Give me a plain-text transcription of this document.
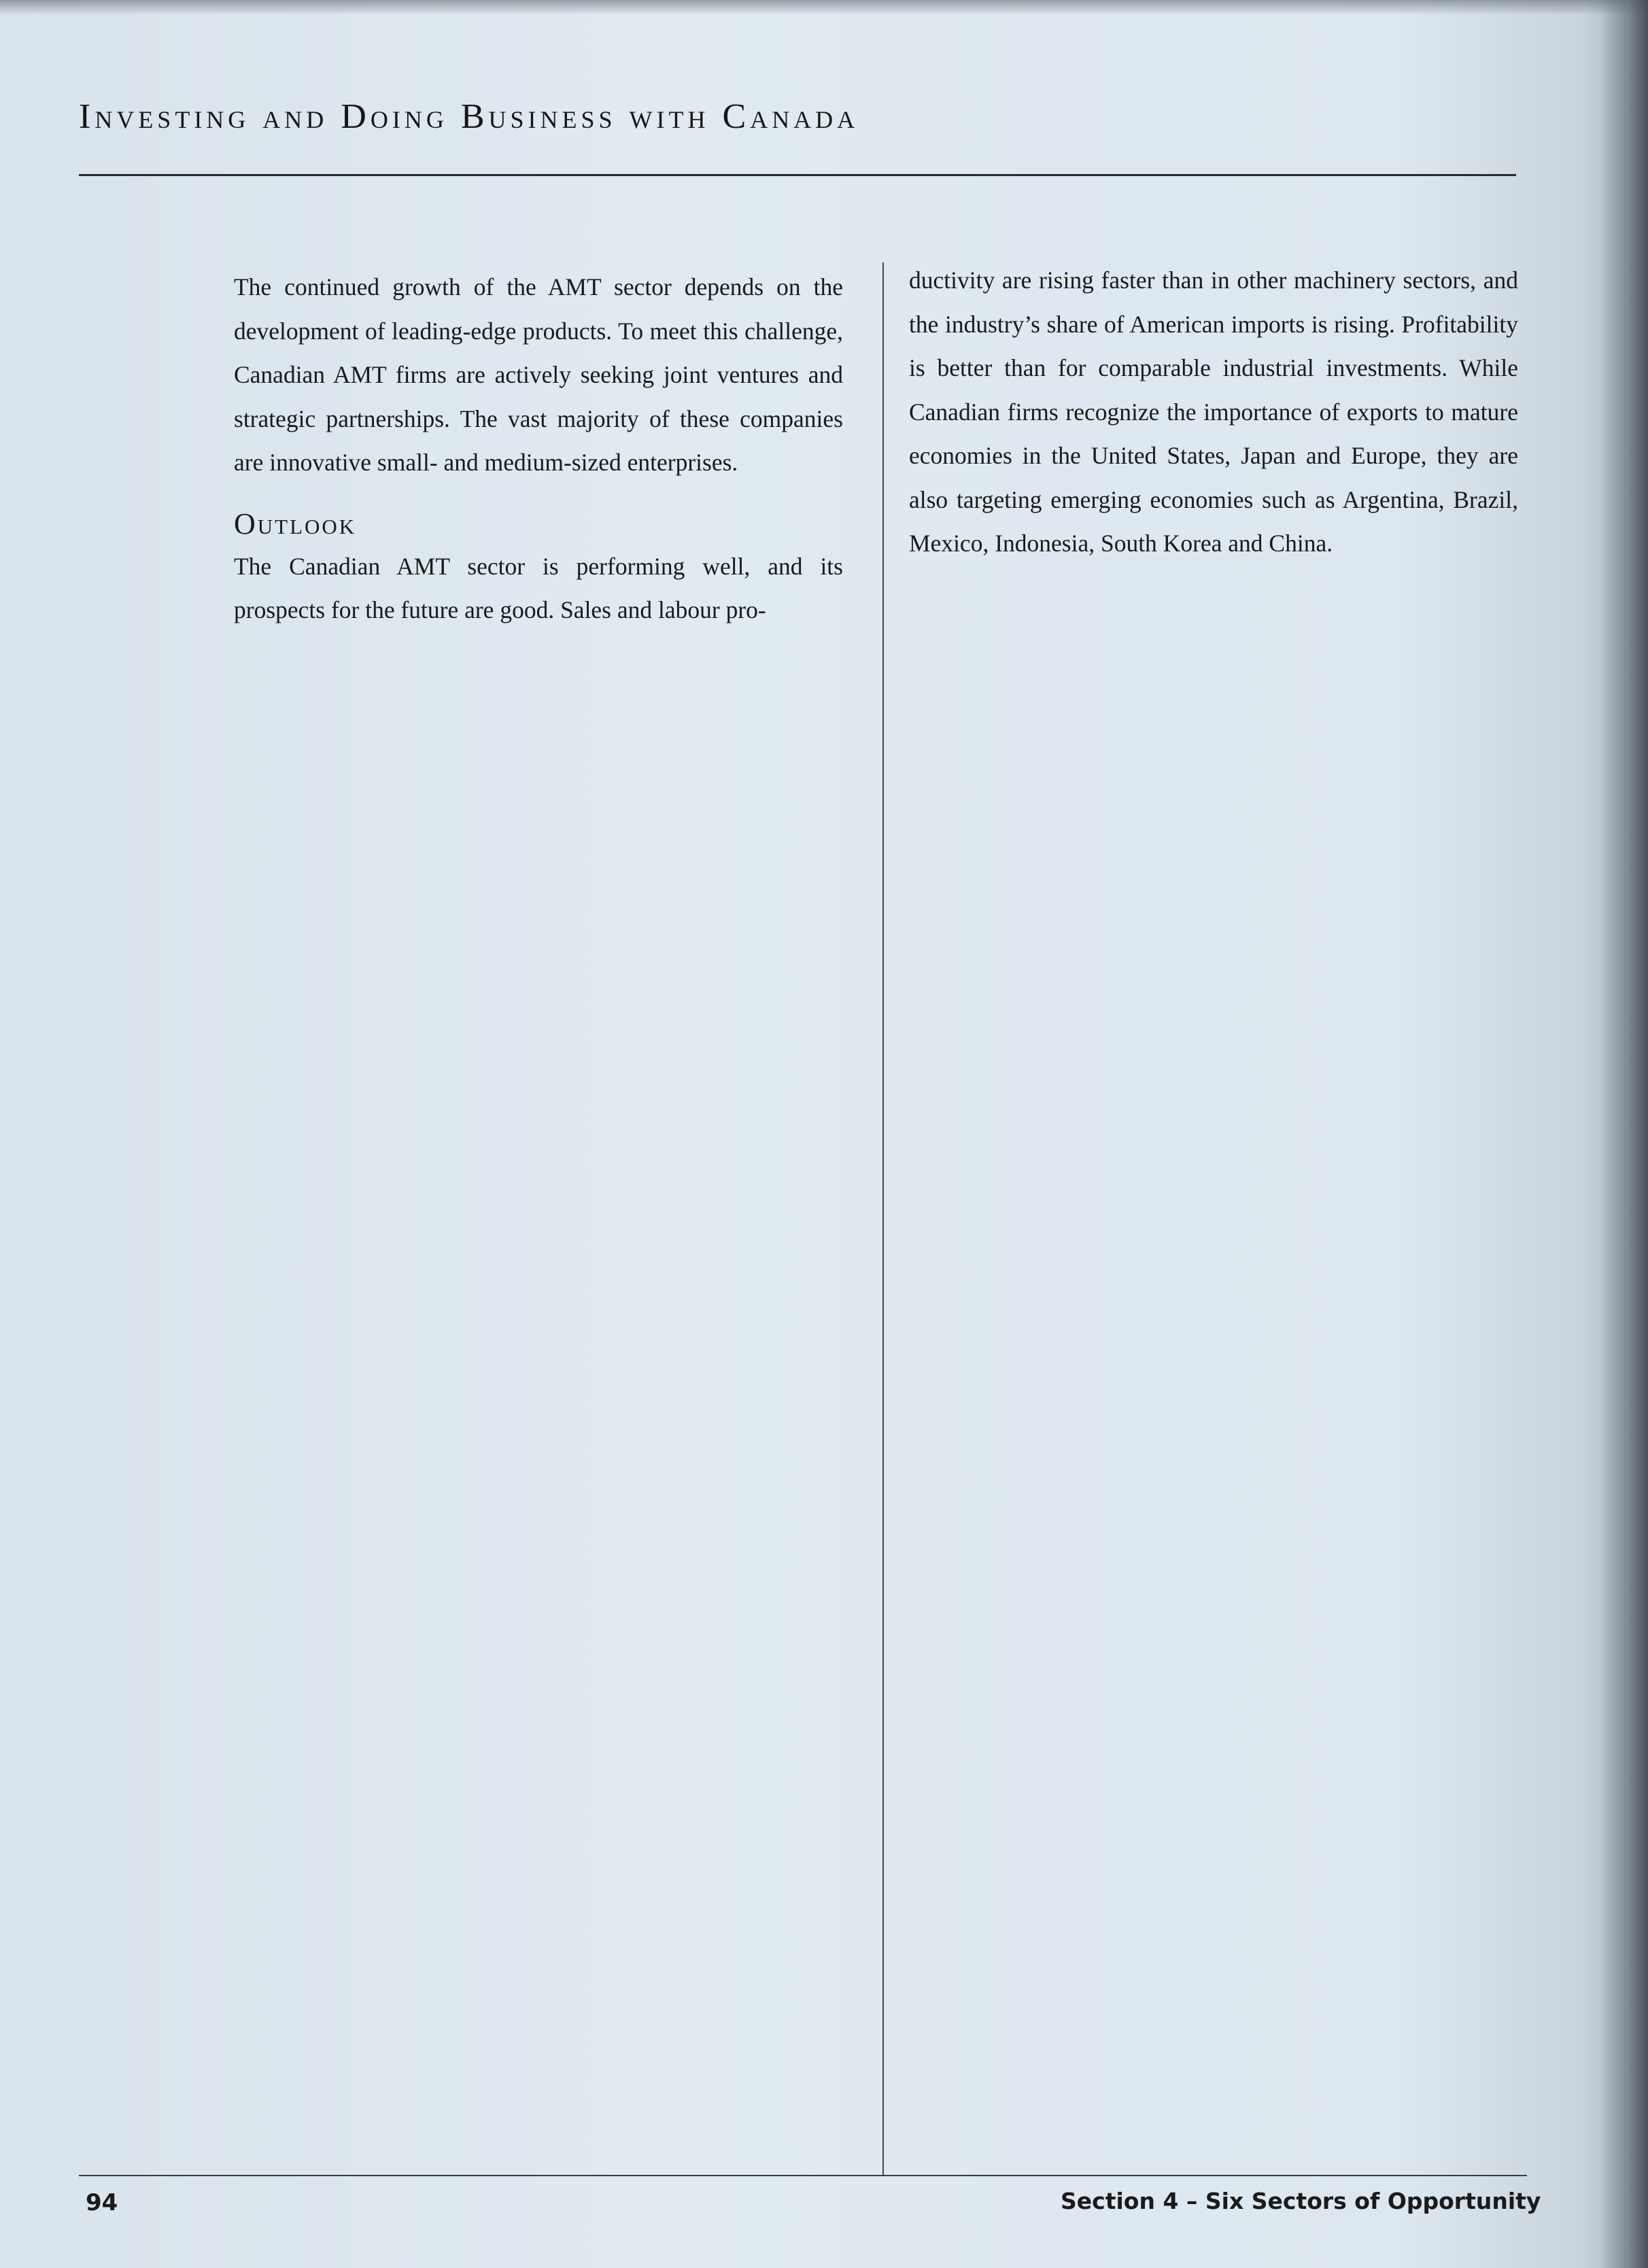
Investing and Doing Business with Canada

The continued growth of the AMT sector depends on the development of leading-edge products. To meet this challenge, Canadian AMT firms are actively seeking joint ventures and strategic partnerships. The vast majority of these companies are innovative small- and medium-sized enterprises.

Outlook

The Canadian AMT sector is performing well, and its prospects for the future are good. Sales and labour pro-

ductivity are rising faster than in other machinery sectors, and the industry’s share of American imports is rising. Profitability is better than for comparable industrial investments. While Canadian firms recognize the importance of exports to mature economies in the United States, Japan and Europe, they are also targeting emerging economies such as Argentina, Brazil, Mexico, Indonesia, South Korea and China.

94	Section 4 – Six Sectors of Opportunity
